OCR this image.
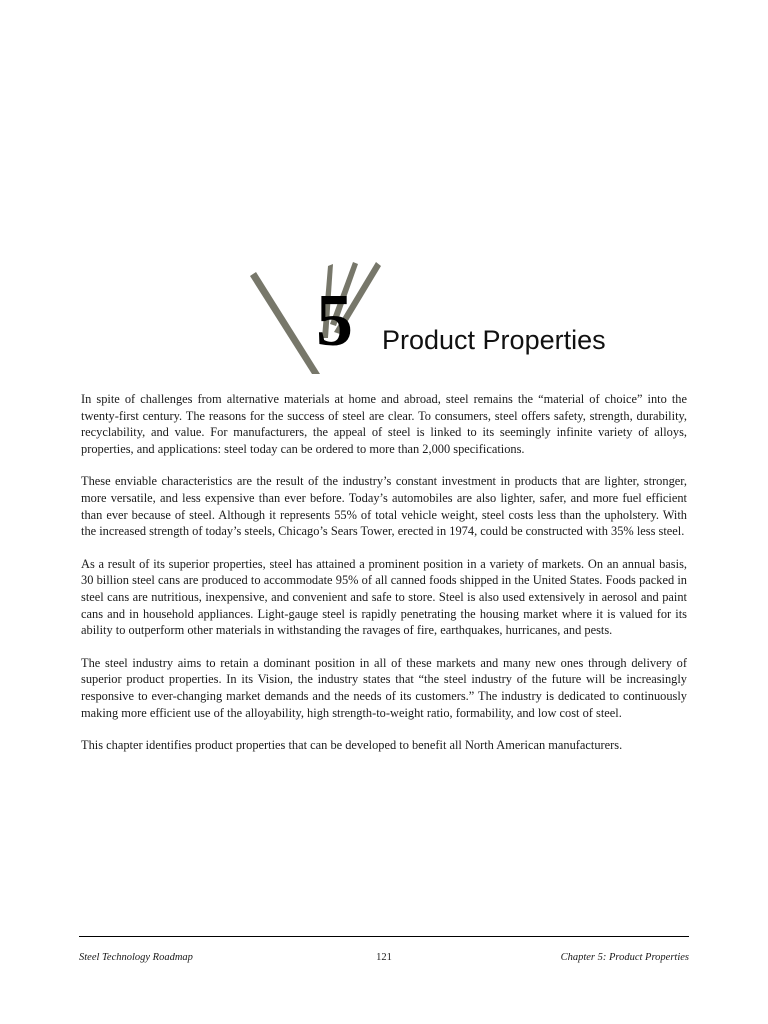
5 Product Properties

In spite of challenges from alternative materials at home and abroad, steel remains the “material of choice” into the twenty-first century. The reasons for the success of steel are clear. To consumers, steel offers safety, strength, durability, recyclability, and value. For manufacturers, the appeal of steel is linked to its seemingly infinite variety of alloys, properties, and applications: steel today can be ordered to more than 2,000 specifications.

These enviable characteristics are the result of the industry’s constant investment in products that are lighter, stronger, more versatile, and less expensive than ever before. Today’s automobiles are also lighter, safer, and more fuel efficient than ever because of steel. Although it represents 55% of total vehicle weight, steel costs less than the upholstery. With the increased strength of today’s steels, Chicago’s Sears Tower, erected in 1974, could be constructed with 35% less steel.

As a result of its superior properties, steel has attained a prominent position in a variety of markets. On an annual basis, 30 billion steel cans are produced to accommodate 95% of all canned foods shipped in the United States. Foods packed in steel cans are nutritious, inexpensive, and convenient and safe to store. Steel is also used extensively in aerosol and paint cans and in household appliances. Light-gauge steel is rapidly penetrating the housing market where it is valued for its ability to outperform other materials in withstanding the ravages of fire, earthquakes, hurricanes, and pests.

The steel industry aims to retain a dominant position in all of these markets and many new ones through delivery of superior product properties. In its Vision, the industry states that “the steel industry of the future will be increasingly responsive to ever-changing market demands and the needs of its customers.” The industry is dedicated to continuously making more efficient use of the alloyability, high strength-to-weight ratio, formability, and low cost of steel.

This chapter identifies product properties that can be developed to benefit all North American manufacturers.

Steel Technology Roadmap	121	Chapter 5: Product Properties
